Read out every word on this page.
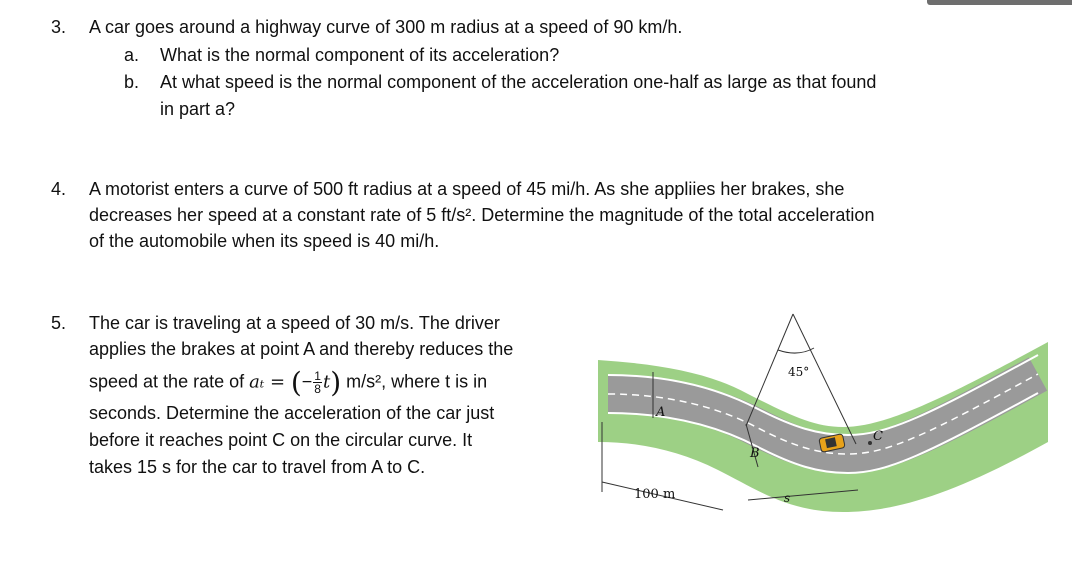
3. A car goes around a highway curve of 300 m radius at a speed of 90 km/h.
a. What is the normal component of its acceleration?
b. At what speed is the normal component of the acceleration one-half as large as that found
in part a?
4. A motorist enters a curve of 500 ft radius at a speed of 45 mi/h. As she appliies her brakes, she
decreases her speed at a constant rate of 5 ft/s². Determine the magnitude of the total acceleration
of the automobile when its speed is 40 mi/h.
5. The car is traveling at a speed of 30 m/s. The driver
applies the brakes at point A and thereby reduces the
speed at the rate of aₜ = (− $\frac{1}{8} t$) m/s², where t is in
seconds. Determine the acceleration of the car just
before it reaches point C on the circular curve. It
takes 15 s for the car to travel from A to C.
45°
A
B
C
100 m	s
